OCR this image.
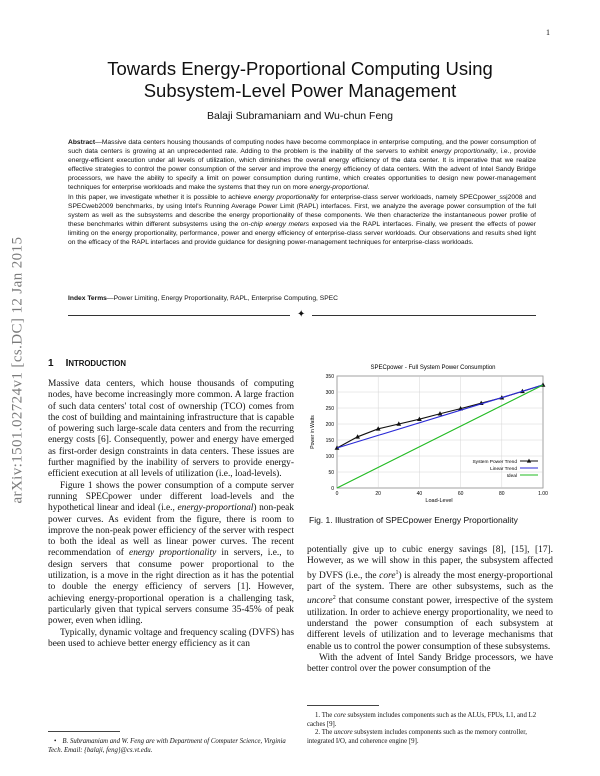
1
arXiv:1501.02724v1 [cs.DC] 12 Jan 2015
Towards Energy-Proportional Computing Using
Subsystem-Level Power Management
Balaji Subramaniam and Wu-chun Feng

Abstract—Massive data centers housing thousands of computing nodes have become commonplace in enterprise computing, and the power consumption of such data centers is growing at an unprecedented rate. Adding to the problem is the inability of the servers to exhibit energy proportionality, i.e., provide energy-efficient execution under all levels of utilization, which diminishes the overall energy efficiency of the data center. It is imperative that we realize effective strategies to control the power consumption of the server and improve the energy efficiency of data centers. With the advent of Intel Sandy Bridge processors, we have the ability to specify a limit on power consumption during runtime, which creates opportunities to design new power-management techniques for enterprise workloads and make the systems that they run on more energy-proportional.

In this paper, we investigate whether it is possible to achieve energy proportionality for enterprise-class server workloads, namely SPECpower_ssj2008 and SPECweb2009 benchmarks, by using Intel's Running Average Power Limit (RAPL) interfaces. First, we analyze the average power consumption of the full system as well as the subsystems and describe the energy proportionality of these components. We then characterize the instantaneous power profile of these benchmarks within different subsystems using the on-chip energy meters exposed via the RAPL interfaces. Finally, we present the effects of power limiting on the energy proportionality, performance, power and energy efficiency of enterprise-class server workloads. Our observations and results shed light on the efficacy of the RAPL interfaces and provide guidance for designing power-management techniques for enterprise-class workloads.

Index Terms—Power Limiting, Energy Proportionality, RAPL, Enterprise Computing, SPEC
✦
1 INTRODUCTION

Massive data centers, which house thousands of computing nodes, have become increasingly more common. A large fraction of such data centers' total cost of ownership (TCO) comes from the cost of building and maintaining infrastructure that is capable of powering such large-scale data centers and from the recurring energy costs [6]. Consequently, power and energy have emerged as first-order design constraints in data centers. These issues are further magnified by the inability of servers to provide energy-efficient execution at all levels of utilization (i.e., load-levels).

Figure 1 shows the power consumption of a compute server running SPECpower under different load-levels and the hypothetical linear and ideal (i.e., energy-proportional) non-peak power curves. As evident from the figure, there is room to improve the non-peak power efficiency of the server with respect to both the ideal as well as linear power curves. The recent recommendation of energy proportionality in servers, i.e., to design servers that consume power proportional to the utilization, is a move in the right direction as it has the potential to double the energy efficiency of servers [1]. However, achieving energy-proportional operation is a challenging task, particularly given that typical servers consume 35-45% of peak power, even when idling.

Typically, dynamic voltage and frequency scaling (DVFS) has been used to achieve better energy efficiency as it can

SPECpower - Full System Power Consumption
0
50
100
150
200
250
300
350
0	20	40	60	80	1.00
System Power Trend
Linear Trend
Ideal
Load-Level
Power in Watts
Fig. 1. Illustration of SPECpower Energy Proportionality

potentially give up to cubic energy savings [8], [15], [17]. However, as we will show in this paper, the subsystem affected by DVFS (i.e., the core$^1$) is already the most energy-proportional part of the system. There are other subsystems, such as the uncore$^2$ that consume constant power, irrespective of the system utilization. In order to achieve energy proportionality, we need to understand the power consumption of each subsystem at different levels of utilization and to leverage mechanisms that enable us to control the power consumption of these subsystems.

With the advent of Intel Sandy Bridge processors, we have better control over the power consumption of the

1. The core subsystem includes components such as the ALUs, FPUs, L1, and L2 caches [9].
2. The uncore subsystem includes components such as the memory controller, integrated I/O, and coherence engine [9].
• B. Subramaniam and W. Feng are with Department of Computer Science, Virginia Tech. Email: {balaji, feng}@cs.vt.edu.
